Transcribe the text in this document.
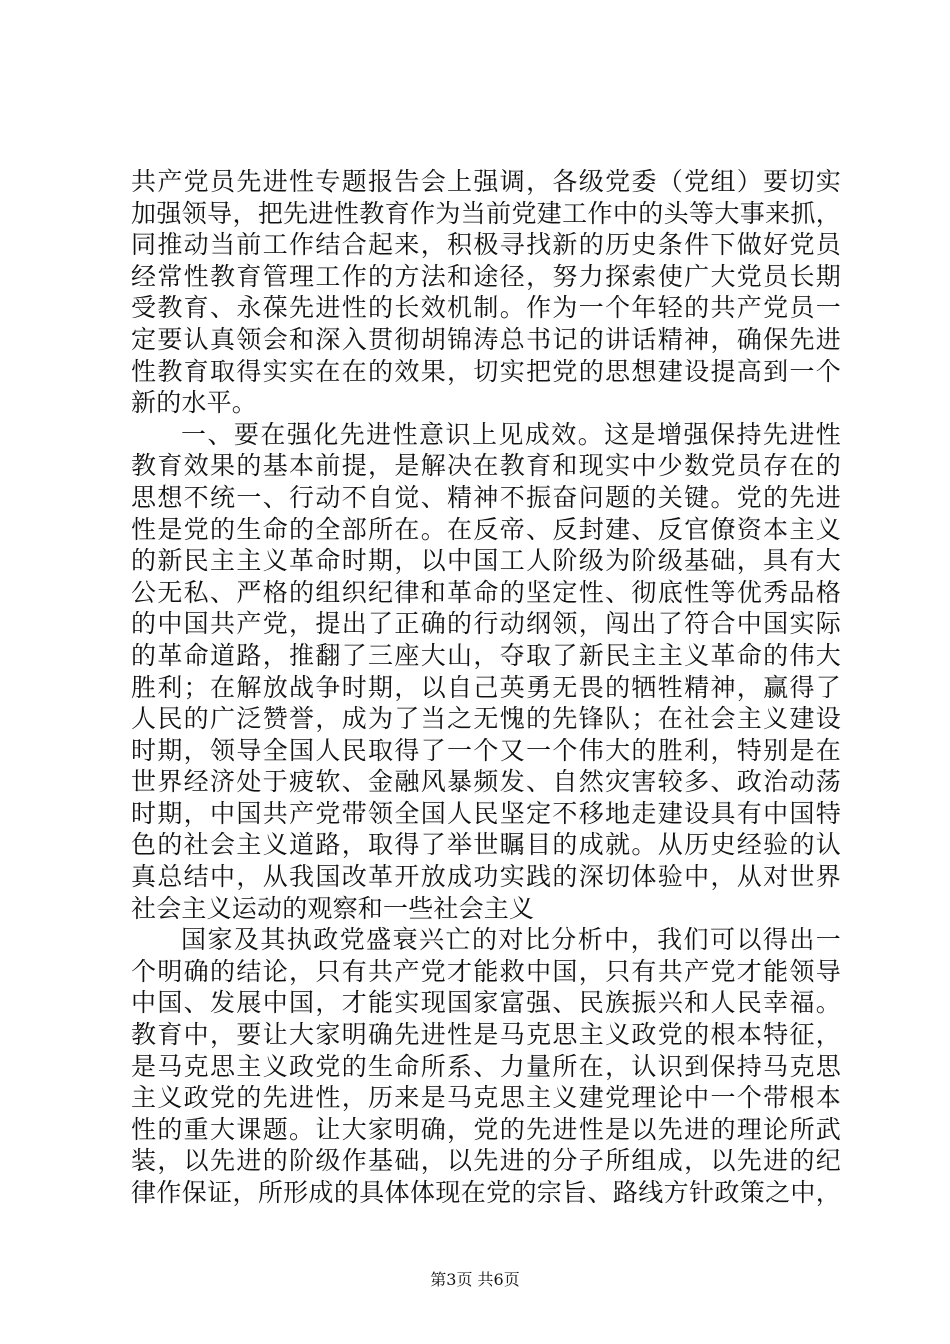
共产党员先进性专题报告会上强调，各级党委（党组）要切实
加强领导，把先进性教育作为当前党建工作中的头等大事来抓，
同推动当前工作结合起来，积极寻找新的历史条件下做好党员
经常性教育管理工作的方法和途径，努力探索使广大党员长期
受教育、永葆先进性的长效机制。作为一个年轻的共产党员一
定要认真领会和深入贯彻胡锦涛总书记的讲话精神，确保先进
性教育取得实实在在的效果，切实把党的思想建设提高到一个
新的水平。
一、要在强化先进性意识上见成效。这是增强保持先进性
教育效果的基本前提，是解决在教育和现实中少数党员存在的
思想不统一、行动不自觉、精神不振奋问题的关键。党的先进
性是党的生命的全部所在。在反帝、反封建、反官僚资本主义
的新民主主义革命时期，以中国工人阶级为阶级基础，具有大
公无私、严格的组织纪律和革命的坚定性、彻底性等优秀品格
的中国共产党，提出了正确的行动纲领，闯出了符合中国实际
的革命道路，推翻了三座大山，夺取了新民主主义革命的伟大
胜利；在解放战争时期，以自己英勇无畏的牺牲精神，赢得了
人民的广泛赞誉，成为了当之无愧的先锋队；在社会主义建设
时期，领导全国人民取得了一个又一个伟大的胜利，特别是在
世界经济处于疲软、金融风暴频发、自然灾害较多、政治动荡
时期，中国共产党带领全国人民坚定不移地走建设具有中国特
色的社会主义道路，取得了举世瞩目的成就。从历史经验的认
真总结中，从我国改革开放成功实践的深切体验中，从对世界
社会主义运动的观察和一些社会主义
国家及其执政党盛衰兴亡的对比分析中，我们可以得出一
个明确的结论，只有共产党才能救中国，只有共产党才能领导
中国、发展中国，才能实现国家富强、民族振兴和人民幸福。
教育中，要让大家明确先进性是马克思主义政党的根本特征，
是马克思主义政党的生命所系、力量所在，认识到保持马克思
主义政党的先进性，历来是马克思主义建党理论中一个带根本
性的重大课题。让大家明确，党的先进性是以先进的理论所武
装，以先进的阶级作基础，以先进的分子所组成，以先进的纪
律作保证，所形成的具体体现在党的宗旨、路线方针政策之中，
第3页 共6页
